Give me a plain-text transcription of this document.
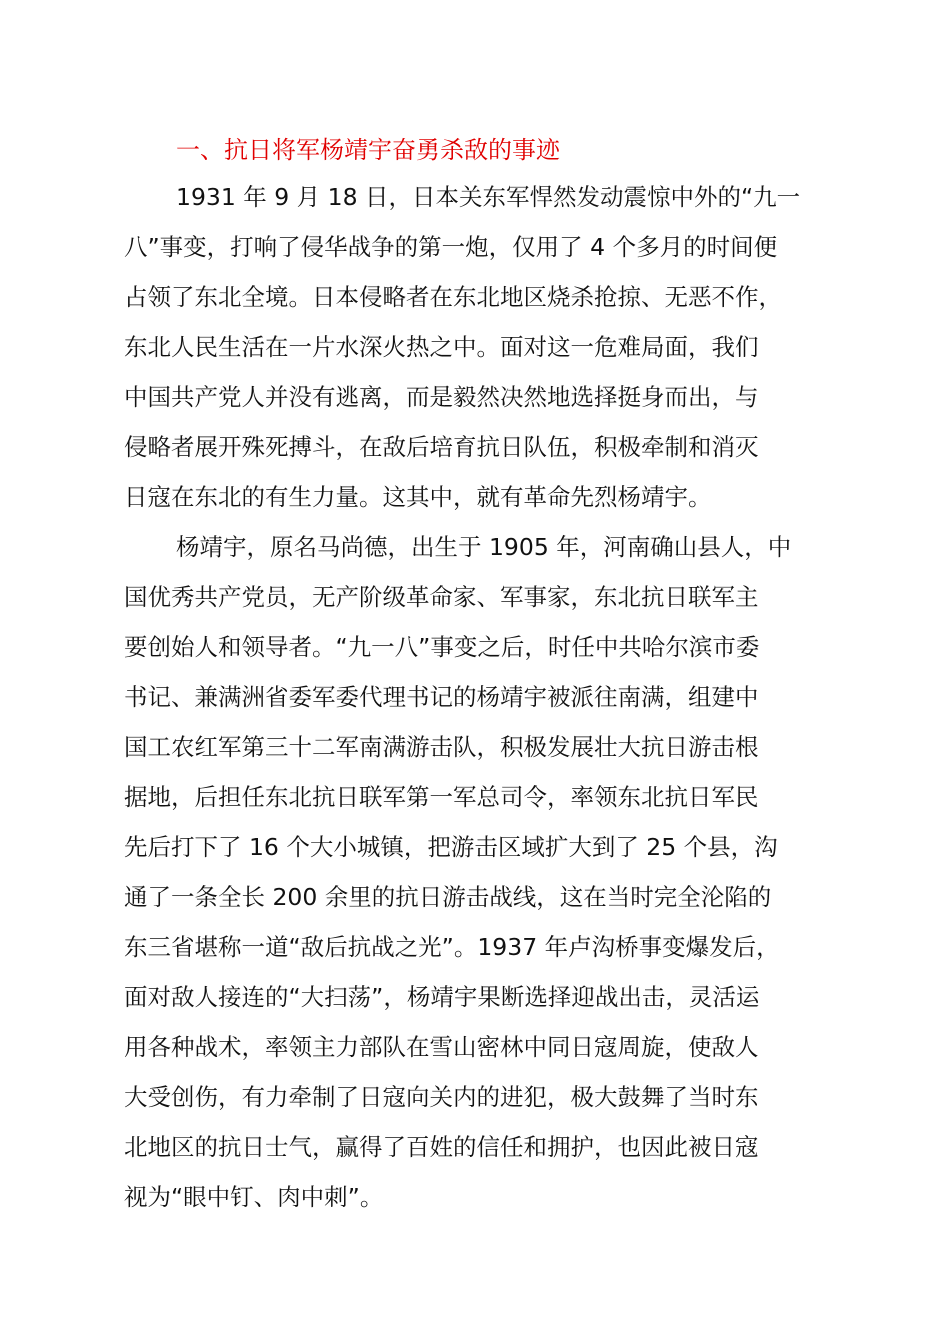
一、抗日将军杨靖宇奋勇杀敌的事迹
1931 年 9 月 18 日，日本关东军悍然发动震惊中外的“九一
八”事变，打响了侵华战争的第一炮，仅用了 4 个多月的时间便
占领了东北全境。日本侵略者在东北地区烧杀抢掠、无恶不作，
东北人民生活在一片水深火热之中。面对这一危难局面，我们
中国共产党人并没有逃离，而是毅然决然地选择挺身而出，与
侵略者展开殊死搏斗，在敌后培育抗日队伍，积极牵制和消灭
日寇在东北的有生力量。这其中，就有革命先烈杨靖宇。
杨靖宇，原名马尚德，出生于 1905 年，河南确山县人，中
国优秀共产党员，无产阶级革命家、军事家，东北抗日联军主
要创始人和领导者。“九一八”事变之后，时任中共哈尔滨市委
书记、兼满洲省委军委代理书记的杨靖宇被派往南满，组建中
国工农红军第三十二军南满游击队，积极发展壮大抗日游击根
据地，后担任东北抗日联军第一军总司令，率领东北抗日军民
先后打下了 16 个大小城镇，把游击区域扩大到了 25 个县，沟
通了一条全长 200 余里的抗日游击战线，这在当时完全沦陷的
东三省堪称一道“敌后抗战之光”。1937 年卢沟桥事变爆发后，
面对敌人接连的“大扫荡”，杨靖宇果断选择迎战出击，灵活运
用各种战术，率领主力部队在雪山密林中同日寇周旋，使敌人
大受创伤，有力牵制了日寇向关内的进犯，极大鼓舞了当时东
北地区的抗日士气，赢得了百姓的信任和拥护，也因此被日寇
视为“眼中钉、肉中刺”。
